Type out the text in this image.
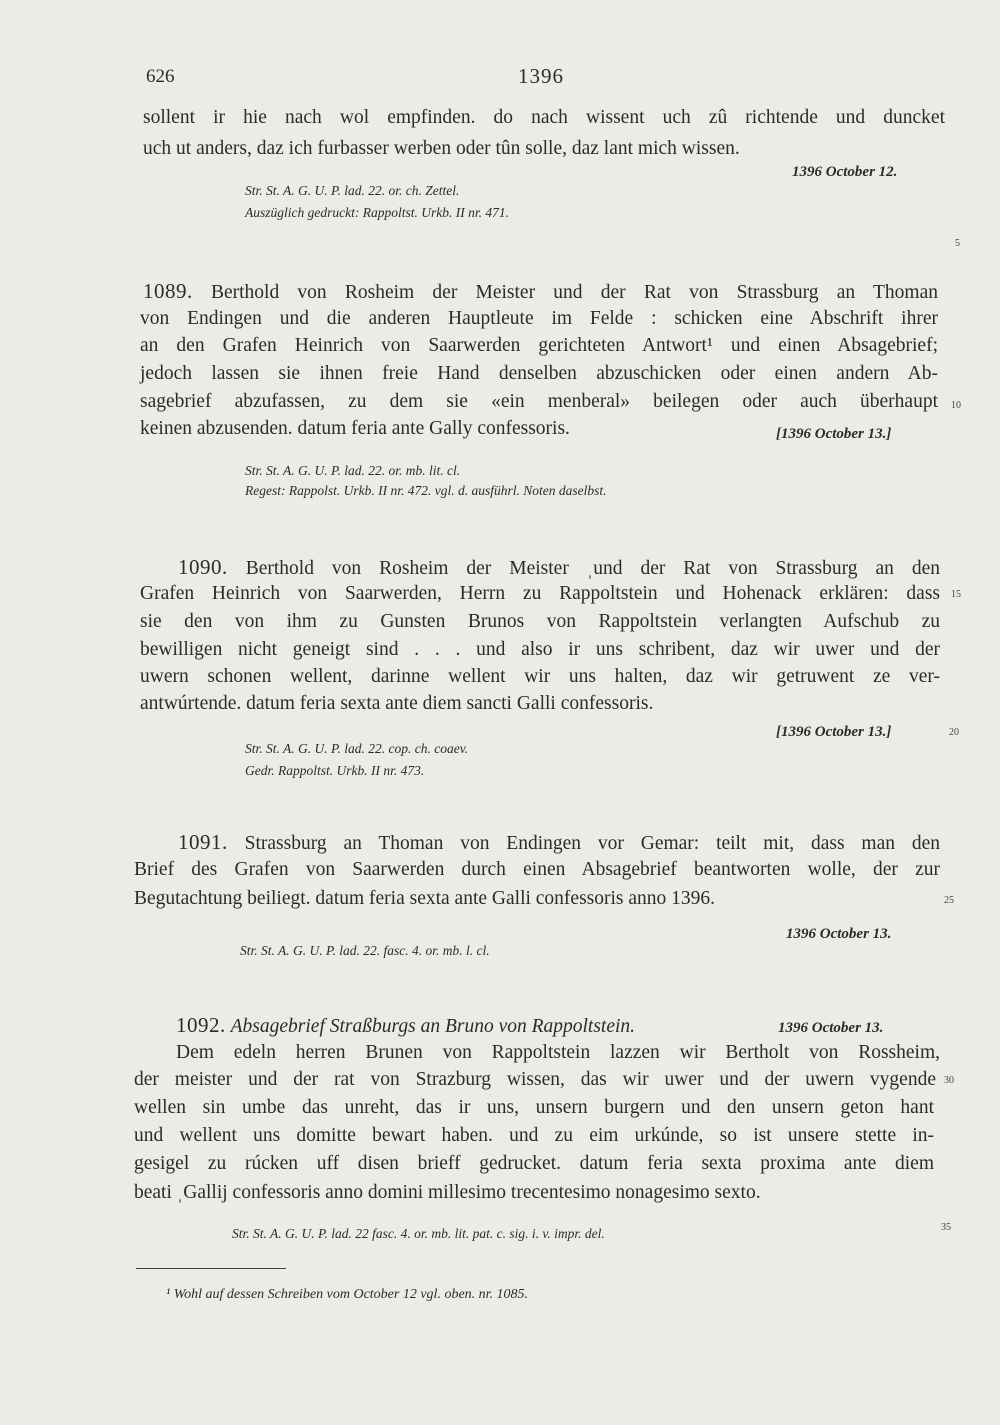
626	1396
sollent ir hie nach wol empfinden. do nach wissent uch zû richtende und duncket
uch ut anders, daz ich furbasser werben oder tûn solle, daz lant mich wissen.
1396 October 12.
Str. St. A. G. U. P. lad. 22. or. ch. Zettel.
Auszüglich gedruckt: Rappoltst. Urkb. II nr. 471.
1089. Berthold von Rosheim der Meister und der Rat von Strassburg an Thoman
von Endingen und die anderen Hauptleute im Felde : schicken eine Abschrift ihrer
an den Grafen Heinrich von Saarwerden gerichteten Antwort¹ und einen Absagebrief;
jedoch lassen sie ihnen freie Hand denselben abzuschicken oder einen andern Ab-
sagebrief abzufassen, zu dem sie «ein menberal» beilegen oder auch überhaupt
keinen abzusenden. datum feria ante Gally confessoris.	[1396 October 13.]
Str. St. A. G. U. P. lad. 22. or. mb. lit. cl.
Regest: Rappolst. Urkb. II nr. 472. vgl. d. ausführl. Noten daselbst.
1090. Berthold von Rosheim der Meister ˌund der Rat von Strassburg an den
Grafen Heinrich von Saarwerden, Herrn zu Rappoltstein und Hohenack erklären: dass
sie den von ihm zu Gunsten Brunos von Rappoltstein verlangten Aufschub zu
bewilligen nicht geneigt sind . . . und also ir uns schribent, daz wir uwer und der
uwern schonen wellent, darinne wellent wir uns halten, daz wir getruwent ze ver-
antwúrtende. datum feria sexta ante diem sancti Galli confessoris.
[1396 October 13.]
Str. St. A. G. U. P. lad. 22. cop. ch. coaev.
Gedr. Rappoltst. Urkb. II nr. 473.
1091. Strassburg an Thoman von Endingen vor Gemar: teilt mit, dass man den
Brief des Grafen von Saarwerden durch einen Absagebrief beantworten wolle, der zur
Begutachtung beiliegt. datum feria sexta ante Galli confessoris anno 1396.
1396 October 13.
Str. St. A. G. U. P. lad. 22. fasc. 4. or. mb. l. cl.
1092. Absagebrief Straßburgs an Bruno von Rappoltstein.	1396 October 13.
Dem edeln herren Brunen von Rappoltstein lazzen wir Bertholt von Rossheim,
der meister und der rat von Strazburg wissen, das wir uwer und der uwern vygende
wellen sin umbe das unreht, das ir uns, unsern burgern und den unsern geton hant
und wellent uns domitte bewart haben. und zu eim urkúnde, so ist unsere stette in-
gesigel zu rúcken uff disen brieff gedrucket. datum feria sexta proxima ante diem
beati ˌGallij confessoris anno domini millesimo trecentesimo nonagesimo sexto.
Str. St. A. G. U. P. lad. 22 fasc. 4. or. mb. lit. pat. c. sig. i. v. impr. del.
¹ Wohl auf dessen Schreiben vom October 12 vgl. oben. nr. 1085.
5
10
15
20
25
30
35
